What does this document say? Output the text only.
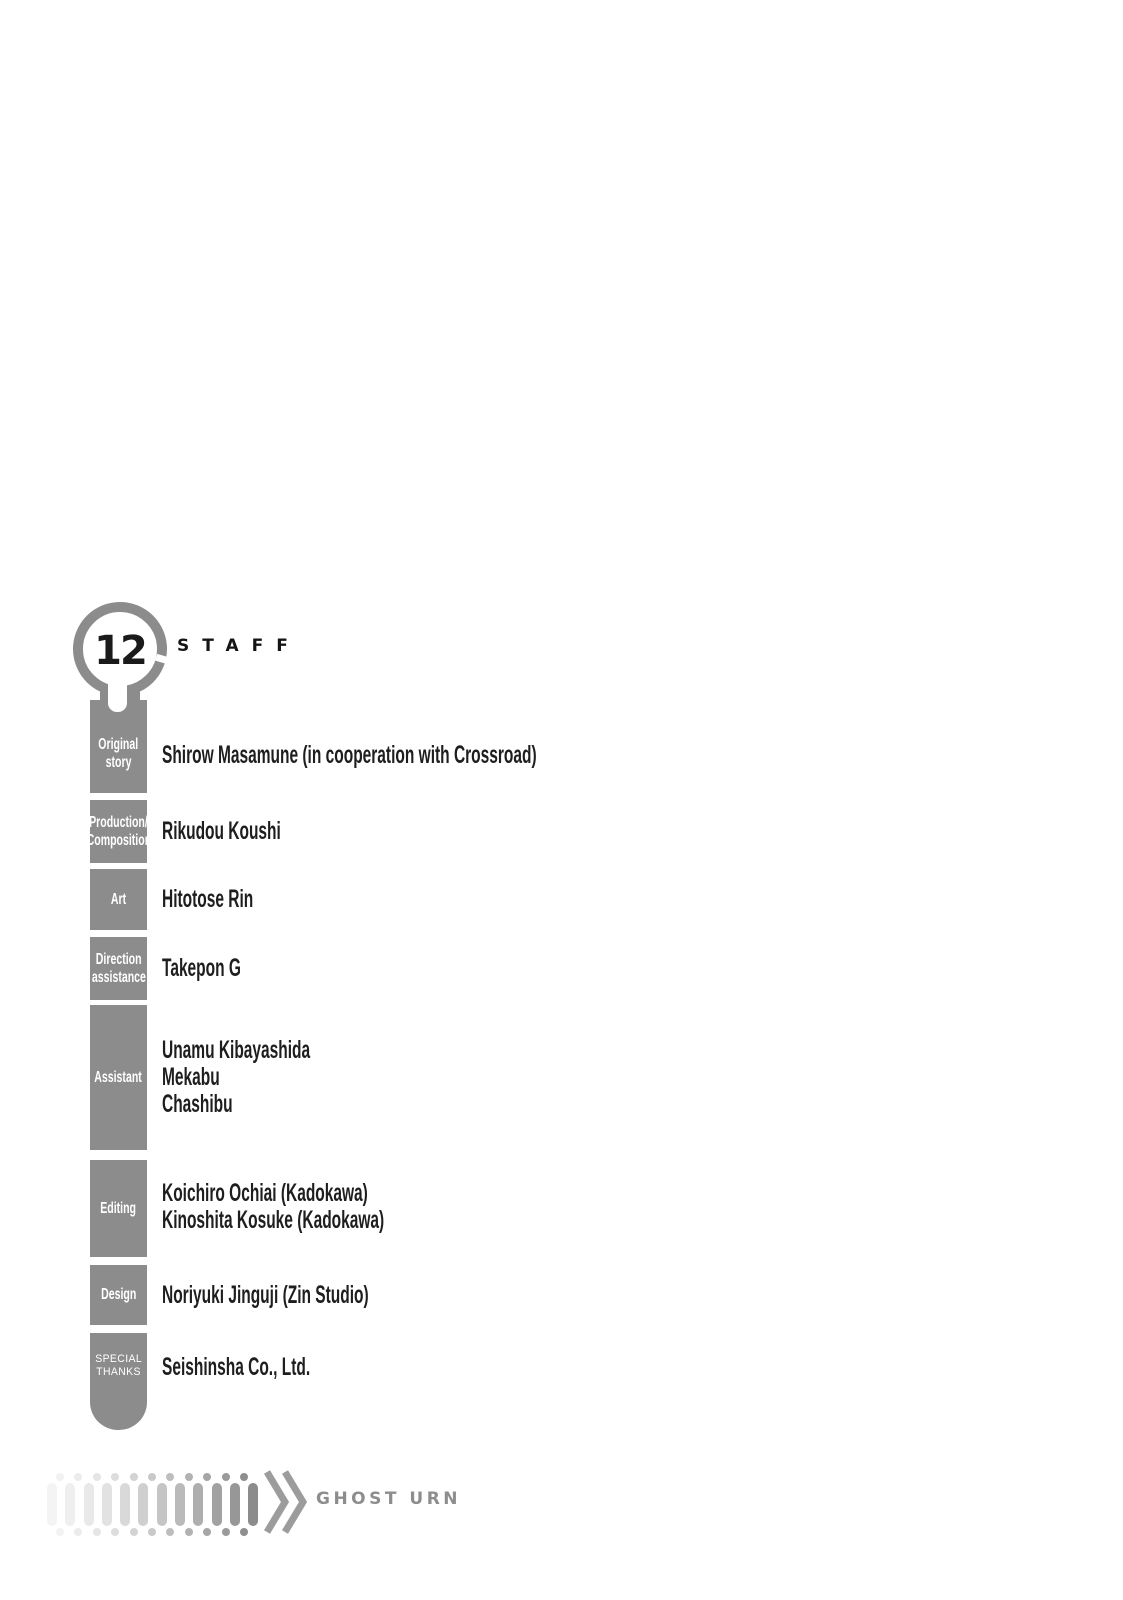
12 STAFF
Original
story Shirow Masamune (in cooperation with Crossroad)
Production/
Composition Rikudou Koushi
Art Hitotose Rin
Direction
assistance Takepon G
Assistant
Unamu Kibayashida
Mekabu
Chashibu
Editing
Koichiro Ochiai (Kadokawa)
Kinoshita Kosuke (Kadokawa)
Design Noriyuki Jinguji (Zin Studio)
SPECIAL
THANKS Seishinsha Co., Ltd.
GHOST URN
